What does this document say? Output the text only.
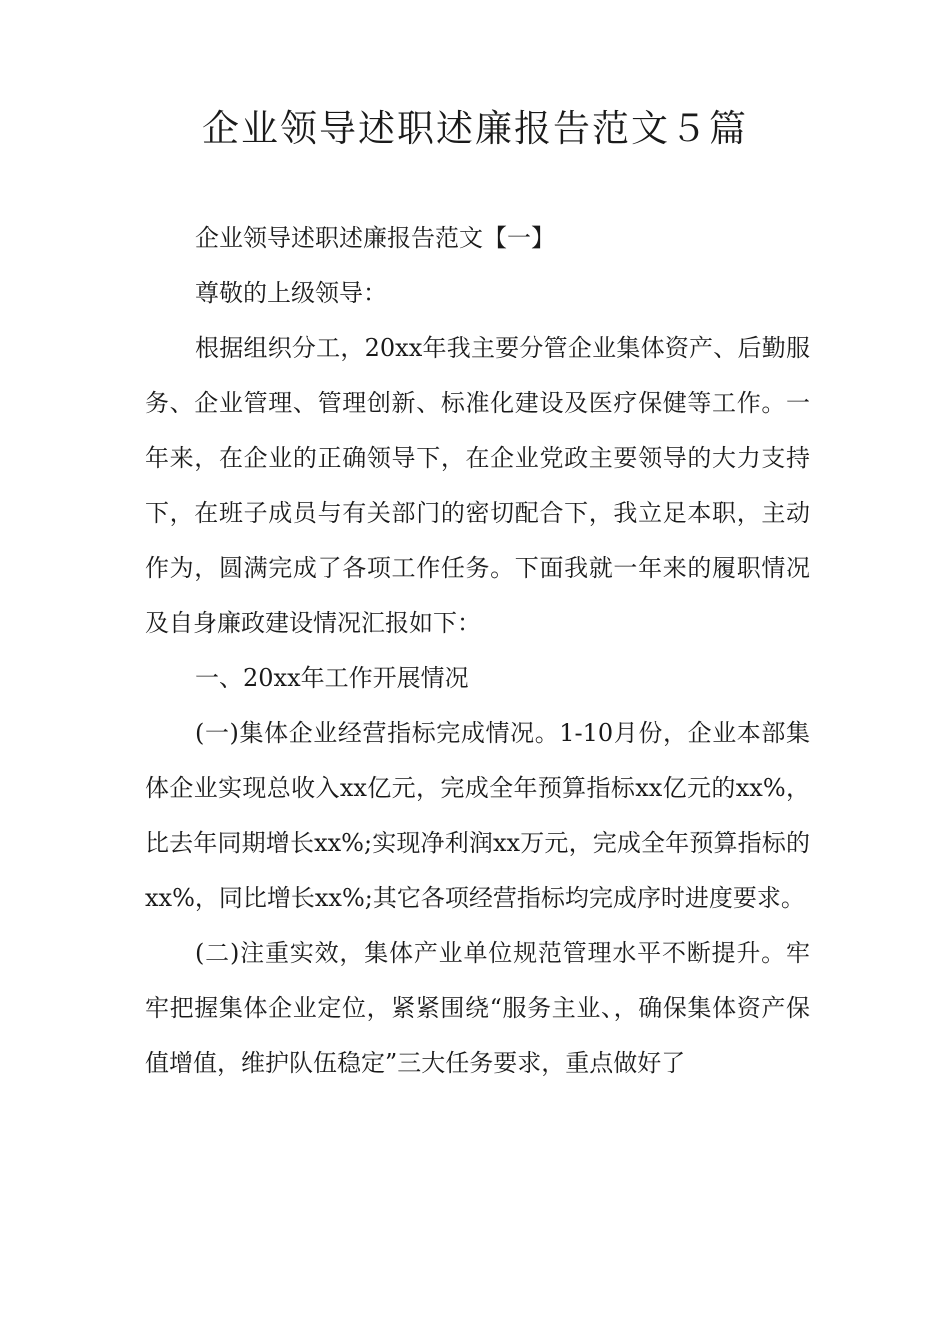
企业领导述职述廉报告范文５篇

企业领导述职述廉报告范文【一】

尊敬的上级领导：

根据组织分工，20xx年我主要分管企业集体资产、后勤服务、企业管理、管理创新、标准化建设及医疗保健等工作。一年来，在企业的正确领导下，在企业党政主要领导的大力支持下，在班子成员与有关部门的密切配合下，我立足本职，主动作为，圆满完成了各项工作任务。下面我就一年来的履职情况及自身廉政建设情况汇报如下：

一、20xx年工作开展情况

(一)集体企业经营指标完成情况。1-10月份，企业本部集体企业实现总收入xx亿元，完成全年预算指标xx亿元的xx%，比去年同期增长xx%;实现净利润xx万元，完成全年预算指标的xx%，同比增长xx%;其它各项经营指标均完成序时进度要求。

(二)注重实效，集体产业单位规范管理水平不断提升。牢牢把握集体企业定位，紧紧围绕“服务主业、，确保集体资产保值增值，维护队伍稳定”三大任务要求，重点做好了
